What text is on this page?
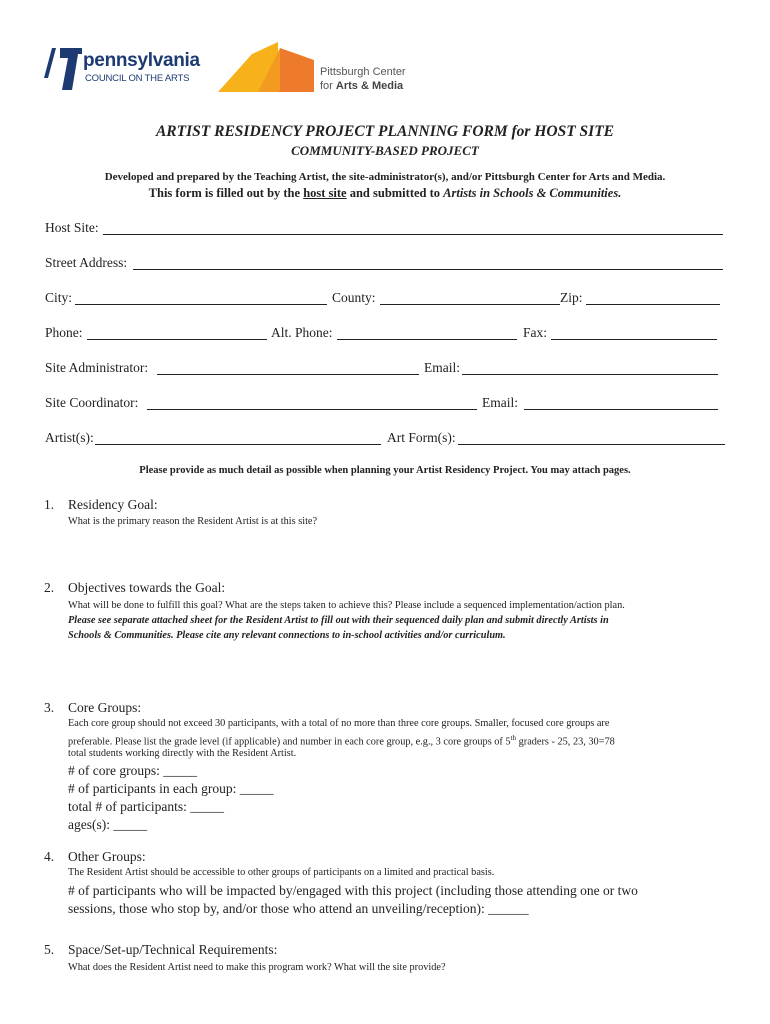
pennsylvania
COUNCIL ON THE ARTS
Pittsburgh Center
for Arts & Media
ARTIST RESIDENCY PROJECT PLANNING FORM for HOST SITE
COMMUNITY-BASED PROJECT
Developed and prepared by the Teaching Artist, the site-administrator(s), and/or Pittsburgh Center for Arts and Media.
This form is filled out by the host site and submitted to Artists in Schools & Communities.
Host Site:
Street Address:
City:	County:	Zip:
Phone:	Alt. Phone:	Fax:
Site Administrator:	Email:
Site Coordinator:	Email:
Artist(s):	Art Form(s):
Please provide as much detail as possible when planning your Artist Residency Project. You may attach pages.
1. Residency Goal:
What is the primary reason the Resident Artist is at this site?
2. Objectives towards the Goal:
What will be done to fulfill this goal? What are the steps taken to achieve this? Please include a sequenced implementation/action plan.
Please see separate attached sheet for the Resident Artist to fill out with their sequenced daily plan and submit directly Artists in
Schools & Communities. Please cite any relevant connections to in-school activities and/or curriculum.
3. Core Groups:
Each core group should not exceed 30 participants, with a total of no more than three core groups. Smaller, focused core groups are
preferable. Please list the grade level (if applicable) and number in each core group, e.g., 3 core groups of 5th graders - 25, 23, 30=78
total students working directly with the Resident Artist.
# of core groups: _____
# of participants in each group: _____
total # of participants: _____
ages(s): _____
4. Other Groups:
The Resident Artist should be accessible to other groups of participants on a limited and practical basis.
# of participants who will be impacted by/engaged with this project (including those attending one or two
sessions, those who stop by, and/or those who attend an unveiling/reception): ______
5. Space/Set-up/Technical Requirements:
What does the Resident Artist need to make this program work? What will the site provide?
